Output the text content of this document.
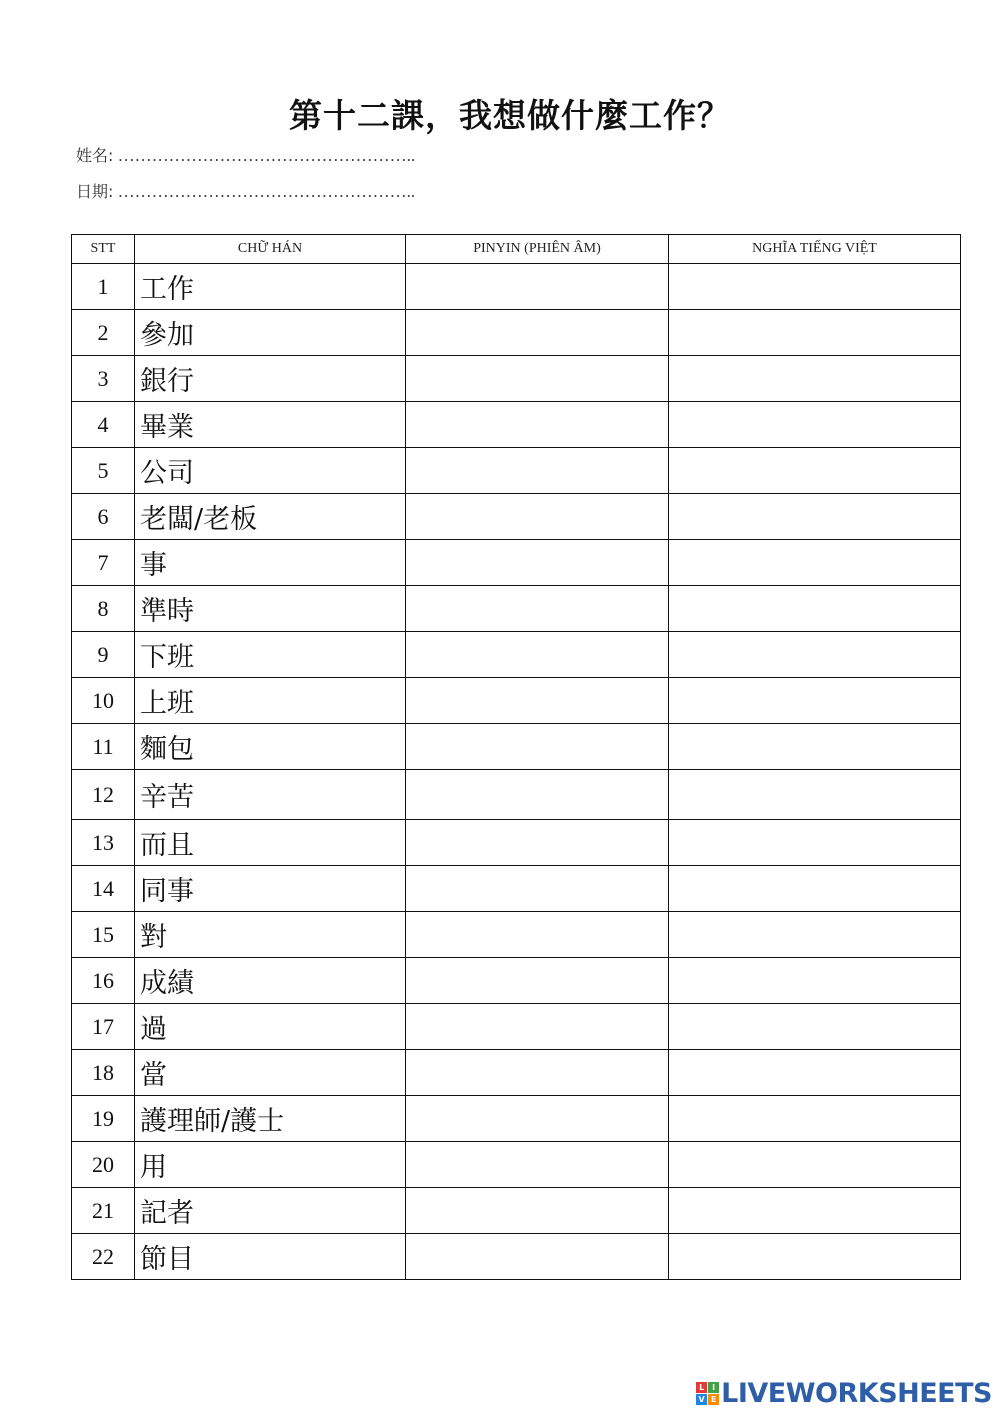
第十二課，我想做什麼工作？
姓名: ……………………………………………..
日期: ……………………………………………..
STT	CHỮ HÁN	PINYIN (PHIÊN ÂM)	NGHĨA TIẾNG VIỆT
1	工作		
2	參加		
3	銀行		
4	畢業		
5	公司		
6	老闆/老板		
7	事		
8	準時		
9	下班		
10	上班		
11	麵包		
12	辛苦		
13	而且		
14	同事		
15	對		
16	成績		
17	過		
18	當		
19	護理師/護士		
20	用		
21	記者		
22	節目		
L I
V E LIVEWORKSHEETS
